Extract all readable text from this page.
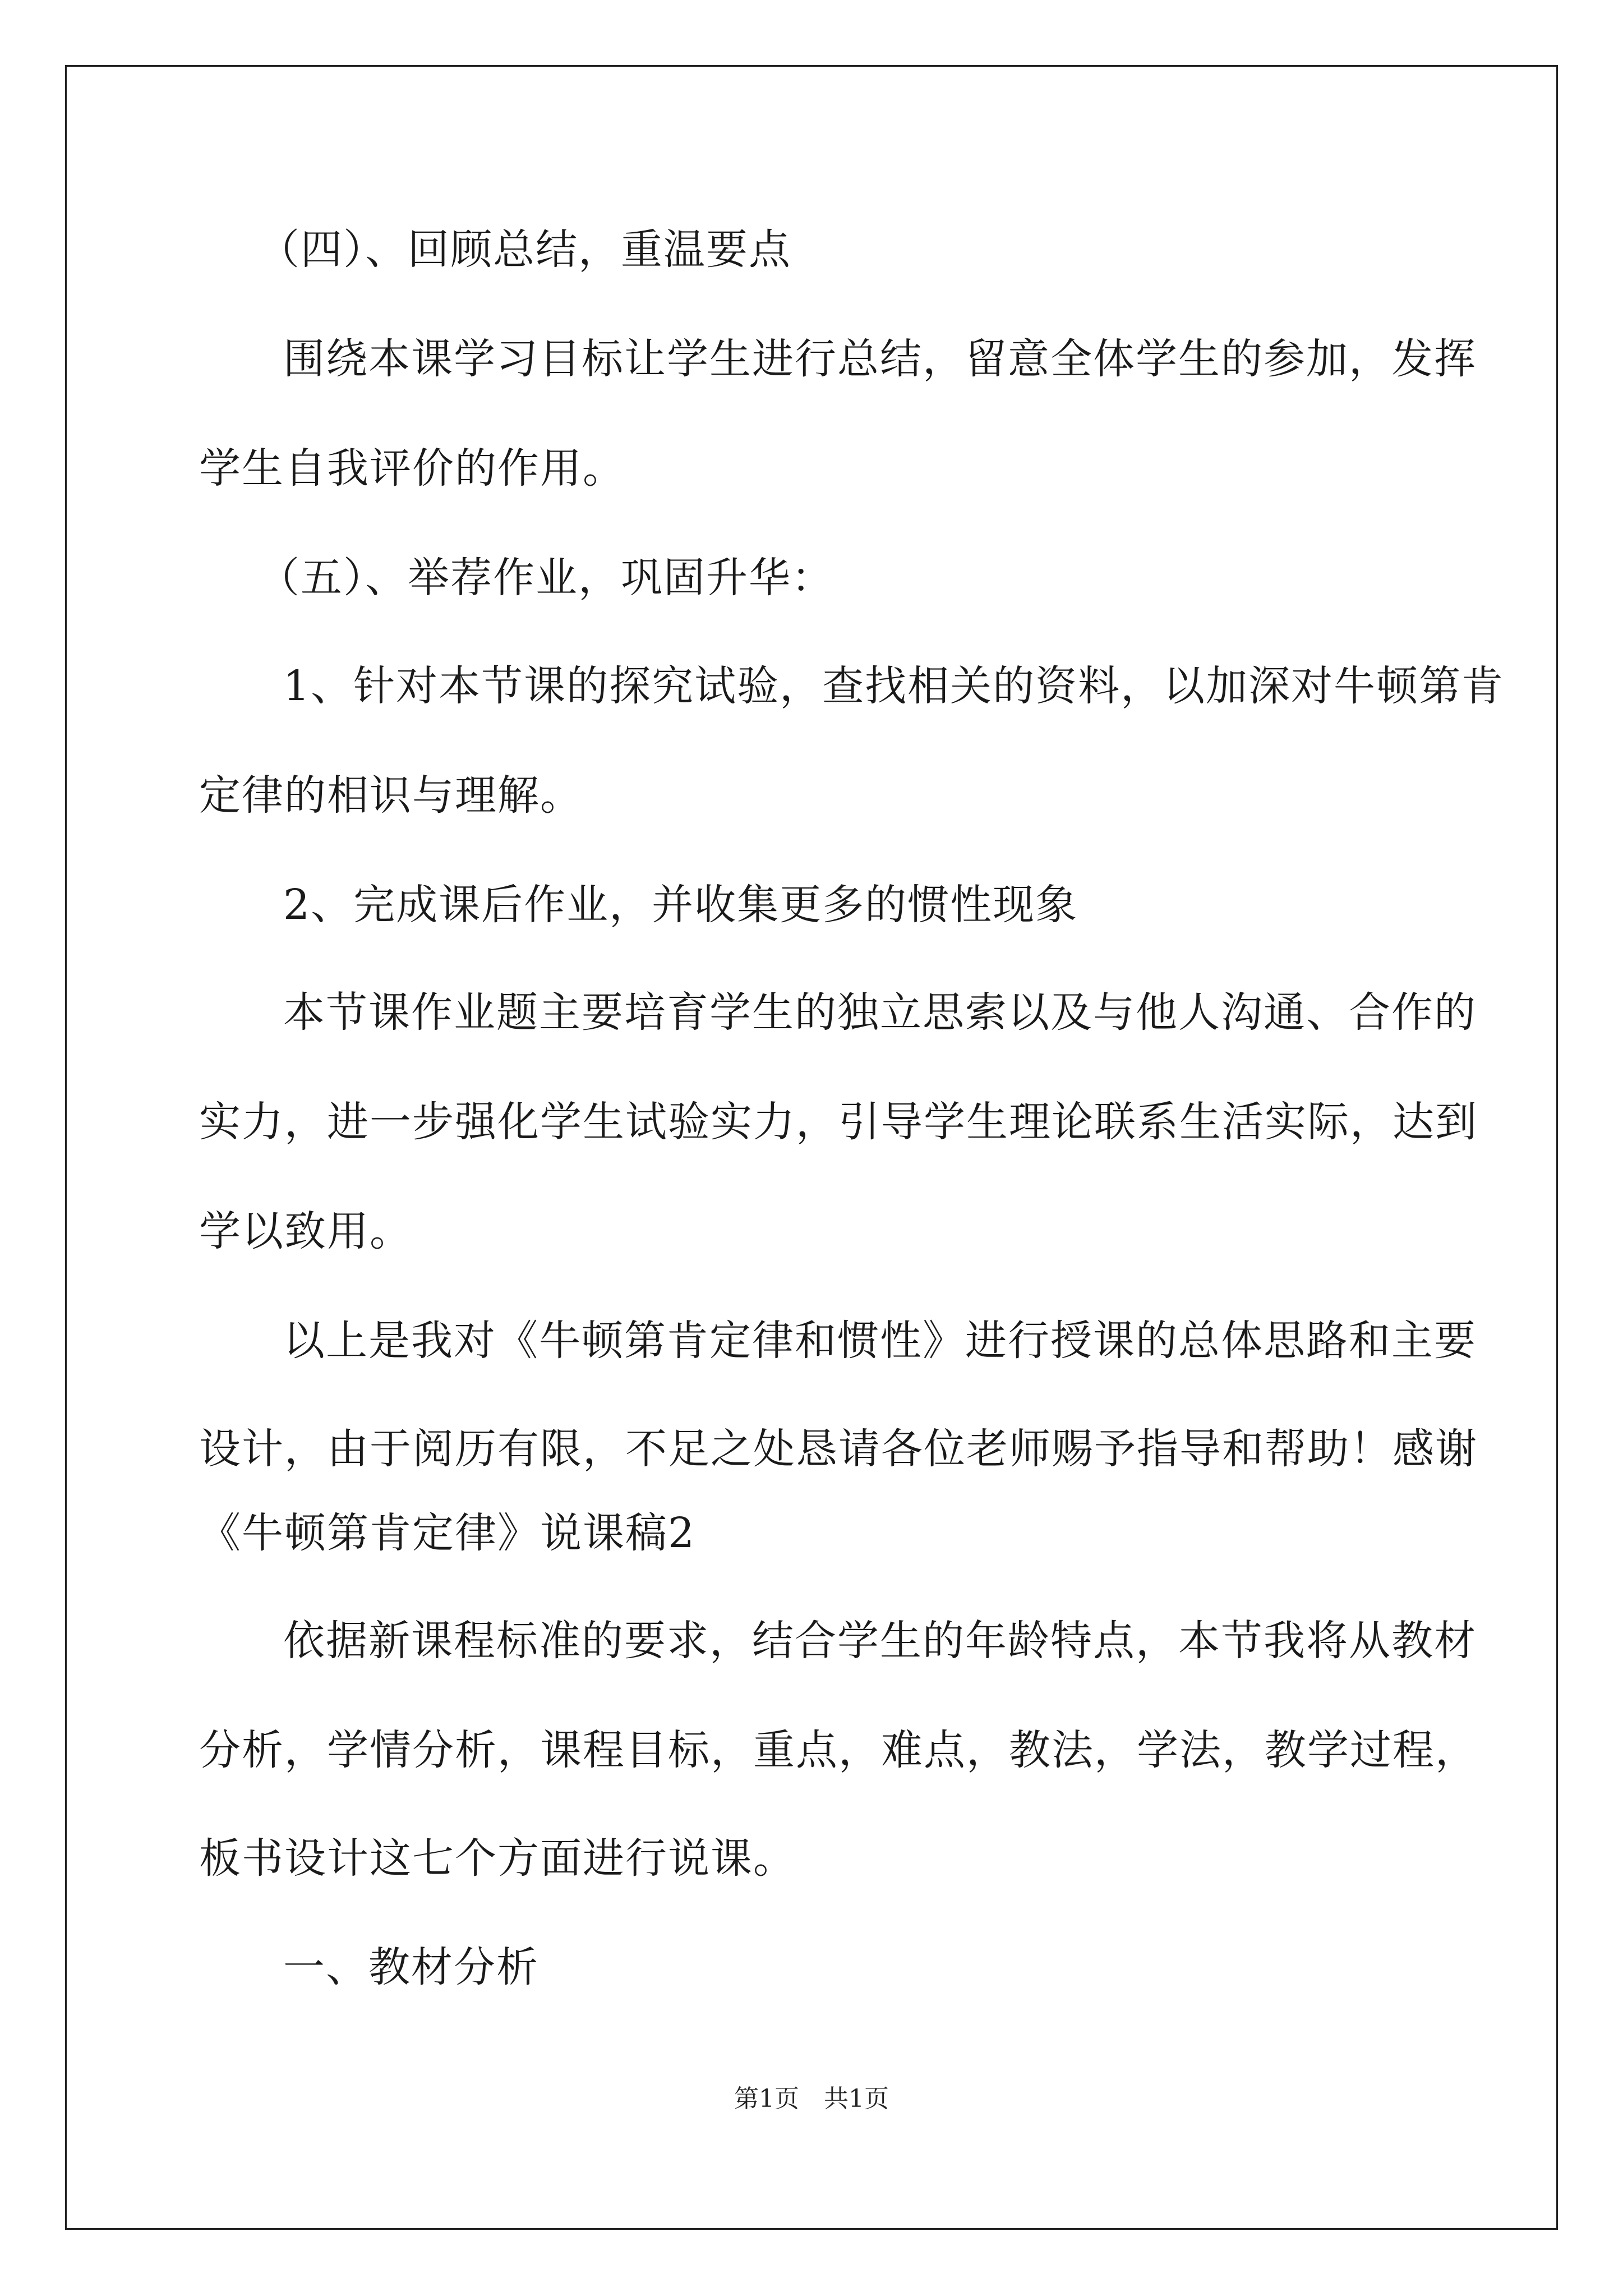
（四）、回顾总结，重温要点
围绕本课学习目标让学生进行总结，留意全体学生的参加，发挥
学生自我评价的作用。
（五）、举荐作业，巩固升华：
1、针对本节课的探究试验，查找相关的资料，以加深对牛顿第肯
定律的相识与理解。
2、完成课后作业，并收集更多的惯性现象
本节课作业题主要培育学生的独立思索以及与他人沟通、合作的
实力，进一步强化学生试验实力，引导学生理论联系生活实际，达到
学以致用。
以上是我对《牛顿第肯定律和惯性》进行授课的总体思路和主要
设计，由于阅历有限，不足之处恳请各位老师赐予指导和帮助！感谢
《牛顿第肯定律》说课稿2
依据新课程标准的要求，结合学生的年龄特点，本节我将从教材
分析，学情分析，课程目标，重点，难点，教法，学法，教学过程，
板书设计这七个方面进行说课。
一、教材分析
第1页　共1页
